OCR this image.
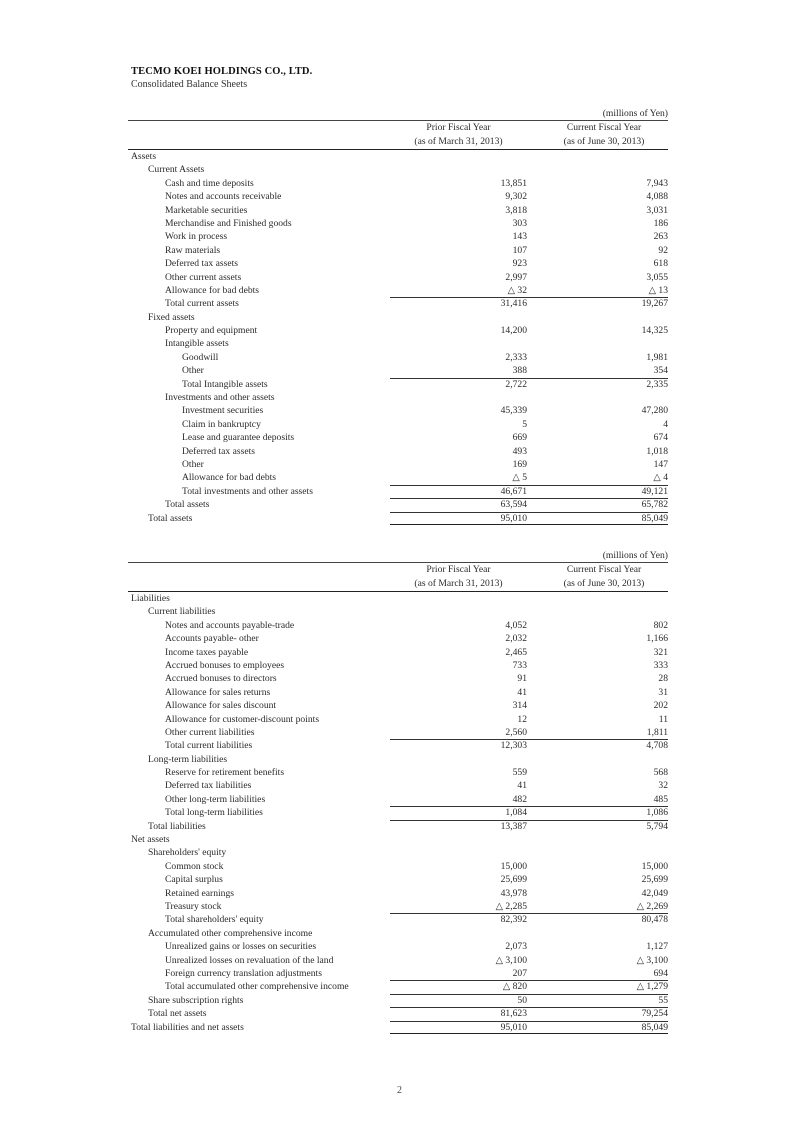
TECMO KOEI HOLDINGS CO., LTD.
Consolidated Balance Sheets
(millions of Yen)
Prior Fiscal Year
(as of March 31, 2013)
Current Fiscal Year
(as of June 30, 2013)
Assets
Current Assets
Cash and time deposits	13,851	7,943
Notes and accounts receivable	9,302	4,088
Marketable securities	3,818	3,031
Merchandise and Finished goods	303	186
Work in process	143	263
Raw materials	107	92
Deferred tax assets	923	618
Other current assets	2,997	3,055
Allowance for bad debts	△ 32	△ 13
Total current assets	31,416	19,267
Fixed assets
Property and equipment	14,200	14,325
Intangible assets
Goodwill	2,333	1,981
Other	388	354
Total Intangible assets	2,722	2,335
Investments and other assets
Investment securities	45,339	47,280
Claim in bankruptcy	5	4
Lease and guarantee deposits	669	674
Deferred tax assets	493	1,018
Other	169	147
Allowance for bad debts	△ 5	△ 4
Total investments and other assets	46,671	49,121
Total assets	63,594	65,782
Total assets	95,010	85,049
(millions of Yen)
Prior Fiscal Year
(as of March 31, 2013)
Current Fiscal Year
(as of June 30, 2013)
Liabilities
Current liabilities
Notes and accounts payable-trade	4,052	802
Accounts payable- other	2,032	1,166
Income taxes payable	2,465	321
Accrued bonuses to employees	733	333
Accrued bonuses to directors	91	28
Allowance for sales returns	41	31
Allowance for sales discount	314	202
Allowance for customer-discount points	12	11
Other current liabilities	2,560	1,811
Total current liabilities	12,303	4,708
Long-term liabilities
Reserve for retirement benefits	559	568
Deferred tax liabilities	41	32
Other long-term liabilities	482	485
Total long-term liabilities	1,084	1,086
Total liabilities	13,387	5,794
Net assets
Shareholders' equity
Common stock	15,000	15,000
Capital surplus	25,699	25,699
Retained earnings	43,978	42,049
Treasury stock	△ 2,285	△ 2,269
Total shareholders' equity	82,392	80,478
Accumulated other comprehensive income
Unrealized gains or losses on securities	2,073	1,127
Unrealized losses on revaluation of the land	△ 3,100	△ 3,100
Foreign currency translation adjustments	207	694
Total accumulated other comprehensive income	△ 820	△ 1,279
Share subscription rights	50	55
Total net assets	81,623	79,254
Total liabilities and net assets	95,010	85,049
2
